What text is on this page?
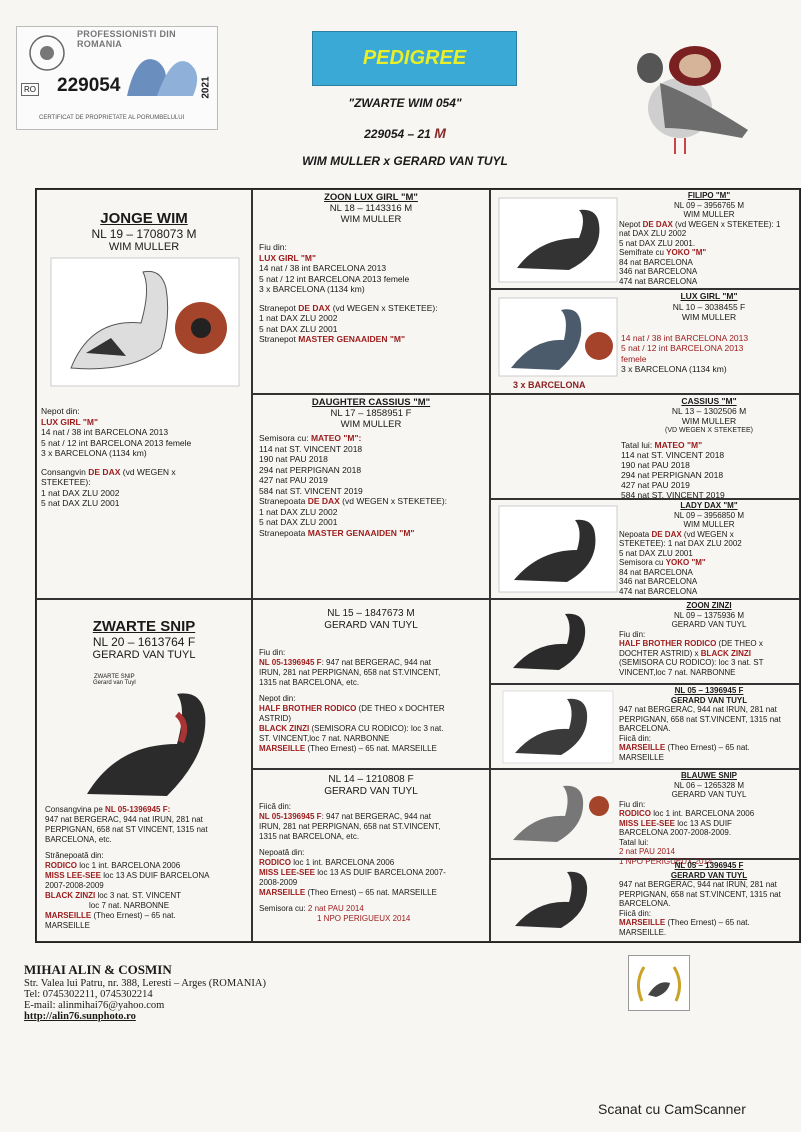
PROFESSIONISTI DIN ROMANIA
RO 229054	2021
CERTIFICAT DE PROPRIETATE AL PORUMBELULUI
PEDIGREE
"ZWARTE WIM 054"
229054 – 21 M
WIM MULLER x GERARD VAN TUYL
JONGE WIM
NL 19 – 1708073 M
WIM MULLER
Nepot din:
LUX GIRL "M"
14 nat / 38 int BARCELONA 2013
5 nat / 12 int BARCELONA 2013 femele
3 x BARCELONA (1134 km)
Consangvin DE DAX (vd WEGEN x
STEKETEE):
1 nat DAX ZLU 2002
5 nat DAX ZLU 2001
ZOON LUX GIRL "M"
NL 18 – 1143316 M
WIM MULLER
Fiu din:
LUX GIRL "M"
14 nat / 38 int BARCELONA 2013
5 nat / 12 int BARCELONA 2013 femele
3 x BARCELONA (1134 km)
Stranepot DE DAX (vd WEGEN x STEKETEE):
1 nat DAX ZLU 2002
5 nat DAX ZLU 2001
Stranepot MASTER GENAAIDEN "M"
DAUGHTER CASSIUS "M"
NL 17 – 1858951 F
WIM MULLER
Semisora cu: MATEO "M":
114 nat ST. VINCENT 2018
190 nat PAU 2018
294 nat PERPIGNAN 2018
427 nat PAU 2019
584 nat ST. VINCENT 2019
Stranepoata DE DAX (vd WEGEN x STEKETEE):
1 nat DAX ZLU 2002
5 nat DAX ZLU 2001
Stranepoata MASTER GENAAIDEN "M"
FILIPO "M"
NL 09 – 3956765 M
WIM MULLER
Nepot DE DAX (vd WEGEN x STEKETEE): 1
nat DAX ZLU 2002
5 nat DAX ZLU 2001.
Semifrate cu YOKO "M"
84 nat BARCELONA
346 nat BARCELONA
474 nat BARCELONA
3 x BARCELONA
LUX GIRL "M"
NL 10 – 3038455 F
WIM MULLER
14 nat / 38 int BARCELONA 2013
5 nat / 12 int BARCELONA 2013
femele
3 x BARCELONA (1134 km)
CASSIUS "M"
NL 13 – 1302506 M
WIM MULLER
(VD WEGEN X STEKETEE)
Tatal lui: MATEO "M"
114 nat ST. VINCENT 2018
190 nat PAU 2018
294 nat PERPIGNAN 2018
427 nat PAU 2019
584 nat ST. VINCENT 2019
LADY DAX "M"
NL 09 – 3956850 M
WIM MULLER
Nepoata DE DAX (vd WEGEN x
STEKETEE): 1 nat DAX ZLU 2002
5 nat DAX ZLU 2001
Semisora cu YOKO "M"
84 nat BARCELONA
346 nat BARCELONA
474 nat BARCELONA
ZWARTE SNIP
NL 20 – 1613764 F
GERARD VAN TUYL
ZWARTE SNIP
Gerard van Tuyl
Consangvina pe NL 05-1396945 F:
947 nat BERGERAC, 944 nat IRUN, 281 nat
PERPIGNAN, 658 nat ST VINCENT, 1315 nat
BARCELONA, etc.
Strănepoată din:
RODICO loc 1 int. BARCELONA 2006
MISS LEE-SEE loc 13 AS DUIF BARCELONA
2007-2008-2009
BLACK ZINZI loc 3 nat. ST. VINCENT
loc 7 nat. NARBONNE
MARSEILLE (Theo Ernest) – 65 nat.
MARSEILLE
NL 15 – 1847673 M
GERARD VAN TUYL
Fiu din:
NL 05-1396945 F: 947 nat BERGERAC, 944 nat
IRUN, 281 nat PERPIGNAN, 658 nat ST.VINCENT,
1315 nat BARCELONA, etc.
Nepot din:
HALF BROTHER RODICO (DE THEO x DOCHTER
ASTRID)
BLACK ZINZI (SEMISORA CU RODICO): loc 3 nat.
ST. VINCENT,loc 7 nat. NARBONNE
MARSEILLE (Theo Ernest) – 65 nat. MARSEILLE
NL 14 – 1210808 F
GERARD VAN TUYL
Fiică din:
NL 05-1396945 F: 947 nat BERGERAC, 944 nat
IRUN, 281 nat PERPIGNAN, 658 nat ST.VINCENT,
1315 nat BARCELONA, etc.
Nepoată din:
RODICO loc 1 int. BARCELONA 2006
MISS LEE-SEE loc 13 AS DUIF BARCELONA 2007-
2008-2009
MARSEILLE (Theo Ernest) – 65 nat. MARSEILLE
Semisora cu: 2 nat PAU 2014
1 NPO PERIGUEUX 2014
ZOON ZINZI
NL 09 – 1375936 M
GERARD VAN TUYL
Fiu din:
HALF BROTHER RODICO (DE THEO x
DOCHTER ASTRID) x BLACK ZINZI
(SEMISORA CU RODICO): loc 3 nat. ST
VINCENT,loc 7 nat. NARBONNE
NL 05 – 1396945 F
GERARD VAN TUYL
947 nat BERGERAC, 944 nat IRUN, 281 nat
PERPIGNAN, 658 nat ST.VINCENT, 1315 nat
BARCELONA.
Fiică din:
MARSEILLE (Theo Ernest) – 65 nat.
MARSEILLE
BLAUWE SNIP
NL 06 – 1265328 M
GERARD VAN TUYL
Fiu din:
RODICO loc 1 int. BARCELONA 2006
MISS LEE-SEE loc 13 AS DUIF
BARCELONA 2007-2008-2009.
Tatal lui:
2 nat PAU 2014
1 NPO PERIGUEUX 2014
NL 05 – 1396945 F
GERARD VAN TUYL
947 nat BERGERAC, 944 nat IRUN, 281 nat
PERPIGNAN, 658 nat ST.VINCENT, 1315 nat
BARCELONA.
Fiică din:
MARSEILLE (Theo Ernest) – 65 nat.
MARSEILLE.
MIHAI ALIN & COSMIN
Str. Valea lui Patru, nr. 388, Leresti – Arges (ROMANIA)
Tel: 0745302211, 0745302214
E-mail: alinmihai76@yahoo.com
http://alin76.sunphoto.ro
Scanat cu CamScanner
